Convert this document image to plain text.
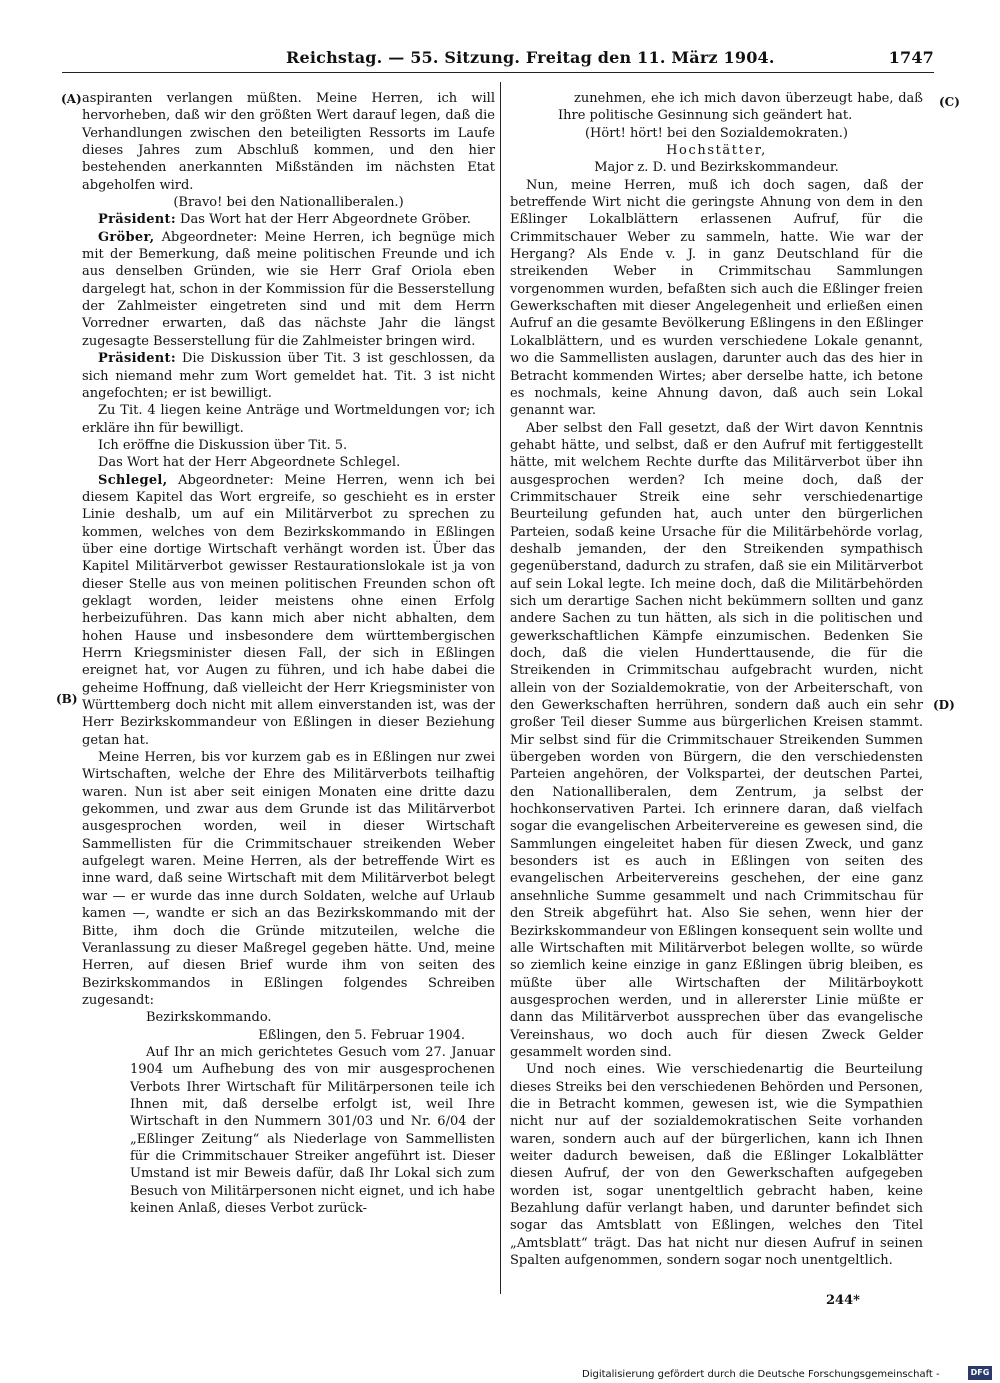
Reichstag. — 55. Sitzung. Freitag den 11. März 1904.	1747
(A)
(B)
(C)
(D)

aspiranten verlangen müßten. Meine Herren, ich will hervorheben, daß wir den größten Wert darauf legen, daß die Verhandlungen zwischen den beteiligten Ressorts im Laufe dieses Jahres zum Abschluß kommen, und den hier bestehenden anerkannten Mißständen im nächsten Etat abgeholfen wird.

(Bravo! bei den Nationalliberalen.)

Präsident: Das Wort hat der Herr Abgeordnete Gröber.

Gröber, Abgeordneter: Meine Herren, ich begnüge mich mit der Bemerkung, daß meine politischen Freunde und ich aus denselben Gründen, wie sie Herr Graf Oriola eben dargelegt hat, schon in der Kommission für die Besserstellung der Zahlmeister eingetreten sind und mit dem Herrn Vorredner erwarten, daß das nächste Jahr die längst zugesagte Besserstellung für die Zahlmeister bringen wird.

Präsident: Die Diskussion über Tit. 3 ist geschlossen, da sich niemand mehr zum Wort gemeldet hat. Tit. 3 ist nicht angefochten; er ist bewilligt.

Zu Tit. 4 liegen keine Anträge und Wortmeldungen vor; ich erkläre ihn für bewilligt.

Ich eröffne die Diskussion über Tit. 5.

Das Wort hat der Herr Abgeordnete Schlegel.

Schlegel, Abgeordneter: Meine Herren, wenn ich bei diesem Kapitel das Wort ergreife, so geschieht es in erster Linie deshalb, um auf ein Militärverbot zu sprechen zu kommen, welches von dem Bezirkskommando in Eßlingen über eine dortige Wirtschaft verhängt worden ist. Über das Kapitel Militärverbot gewisser Restaurationslokale ist ja von dieser Stelle aus von meinen politischen Freunden schon oft geklagt worden, leider meistens ohne einen Erfolg herbeizuführen. Das kann mich aber nicht abhalten, dem hohen Hause und insbesondere dem württembergischen Herrn Kriegsminister diesen Fall, der sich in Eßlingen ereignet hat, vor Augen zu führen, und ich habe dabei die geheime Hoffnung, daß vielleicht der Herr Kriegsminister von Württemberg doch nicht mit allem einverstanden ist, was der Herr Bezirkskommandeur von Eßlingen in dieser Beziehung getan hat.

Meine Herren, bis vor kurzem gab es in Eßlingen nur zwei Wirtschaften, welche der Ehre des Militärverbots teilhaftig waren. Nun ist aber seit einigen Monaten eine dritte dazu gekommen, und zwar aus dem Grunde ist das Militärverbot ausgesprochen worden, weil in dieser Wirtschaft Sammellisten für die Crimmitschauer streikenden Weber aufgelegt waren. Meine Herren, als der betreffende Wirt es inne ward, daß seine Wirtschaft mit dem Militärverbot belegt war — er wurde das inne durch Soldaten, welche auf Urlaub kamen —, wandte er sich an das Bezirkskommando mit der Bitte, ihm doch die Gründe mitzuteilen, welche die Veranlassung zu dieser Maßregel gegeben hätte. Und, meine Herren, auf diesen Brief wurde ihm von seiten des Bezirkskommandos in Eßlingen folgendes Schreiben zugesandt:

Bezirkskommando.

Eßlingen, den 5. Februar 1904.

Auf Ihr an mich gerichtetes Gesuch vom 27. Januar 1904 um Aufhebung des von mir ausgesprochenen Verbots Ihrer Wirtschaft für Militärpersonen teile ich Ihnen mit, daß derselbe erfolgt ist, weil Ihre Wirtschaft in den Nummern 301/03 und Nr. 6/04 der „Eßlinger Zeitung“ als Niederlage von Sammellisten für die Crimmitschauer Streiker angeführt ist. Dieser Umstand ist mir Beweis dafür, daß Ihr Lokal sich zum Besuch von Militärpersonen nicht eignet, und ich habe keinen Anlaß, dieses Verbot zurück-

zunehmen, ehe ich mich davon überzeugt habe, daß Ihre politische Gesinnung sich geändert hat.

(Hört! hört! bei den Sozialdemokraten.)

Hochstätter,

Major z. D. und Bezirkskommandeur.

Nun, meine Herren, muß ich doch sagen, daß der betreffende Wirt nicht die geringste Ahnung von dem in den Eßlinger Lokalblättern erlassenen Aufruf, für die Crimmitschauer Weber zu sammeln, hatte. Wie war der Hergang? Als Ende v. J. in ganz Deutschland für die streikenden Weber in Crimmitschau Sammlungen vorgenommen wurden, befaßten sich auch die Eßlinger freien Gewerkschaften mit dieser Angelegenheit und erließen einen Aufruf an die gesamte Bevölkerung Eßlingens in den Eßlinger Lokalblättern, und es wurden verschiedene Lokale genannt, wo die Sammellisten auslagen, darunter auch das des hier in Betracht kommenden Wirtes; aber derselbe hatte, ich betone es nochmals, keine Ahnung davon, daß auch sein Lokal genannt war.

Aber selbst den Fall gesetzt, daß der Wirt davon Kenntnis gehabt hätte, und selbst, daß er den Aufruf mit fertiggestellt hätte, mit welchem Rechte durfte das Militärverbot über ihn ausgesprochen werden? Ich meine doch, daß der Crimmitschauer Streik eine sehr verschiedenartige Beurteilung gefunden hat, auch unter den bürgerlichen Parteien, sodaß keine Ursache für die Militärbehörde vorlag, deshalb jemanden, der den Streikenden sympathisch gegenüberstand, dadurch zu strafen, daß sie ein Militärverbot auf sein Lokal legte. Ich meine doch, daß die Militärbehörden sich um derartige Sachen nicht bekümmern sollten und ganz andere Sachen zu tun hätten, als sich in die politischen und gewerkschaftlichen Kämpfe einzumischen. Bedenken Sie doch, daß die vielen Hunderttausende, die für die Streikenden in Crimmitschau aufgebracht wurden, nicht allein von der Sozialdemokratie, von der Arbeiterschaft, von den Gewerkschaften herrühren, sondern daß auch ein sehr großer Teil dieser Summe aus bürgerlichen Kreisen stammt. Mir selbst sind für die Crimmitschauer Streikenden Summen übergeben worden von Bürgern, die den verschiedensten Parteien angehören, der Volkspartei, der deutschen Partei, den Nationalliberalen, dem Zentrum, ja selbst der hochkonservativen Partei. Ich erinnere daran, daß vielfach sogar die evangelischen Arbeitervereine es gewesen sind, die Sammlungen eingeleitet haben für diesen Zweck, und ganz besonders ist es auch in Eßlingen von seiten des evangelischen Arbeitervereins geschehen, der eine ganz ansehnliche Summe gesammelt und nach Crimmitschau für den Streik abgeführt hat. Also Sie sehen, wenn hier der Bezirkskommandeur von Eßlingen konsequent sein wollte und alle Wirtschaften mit Militärverbot belegen wollte, so würde so ziemlich keine einzige in ganz Eßlingen übrig bleiben, es müßte über alle Wirtschaften der Militärboykott ausgesprochen werden, und in allererster Linie müßte er dann das Militärverbot aussprechen über das evangelische Vereinshaus, wo doch auch für diesen Zweck Gelder gesammelt worden sind.

Und noch eines. Wie verschiedenartig die Beurteilung dieses Streiks bei den verschiedenen Behörden und Personen, die in Betracht kommen, gewesen ist, wie die Sympathien nicht nur auf der sozialdemokratischen Seite vorhanden waren, sondern auch auf der bürgerlichen, kann ich Ihnen weiter dadurch beweisen, daß die Eßlinger Lokalblätter diesen Aufruf, der von den Gewerkschaften aufgegeben worden ist, sogar unentgeltlich gebracht haben, keine Bezahlung dafür verlangt haben, und darunter befindet sich sogar das Amtsblatt von Eßlingen, welches den Titel „Amtsblatt“ trägt. Das hat nicht nur diesen Aufruf in seinen Spalten aufgenommen, sondern sogar noch unentgeltlich.

244*
Digitalisierung gefördert durch die Deutsche Forschungsgemeinschaft -	DFG
